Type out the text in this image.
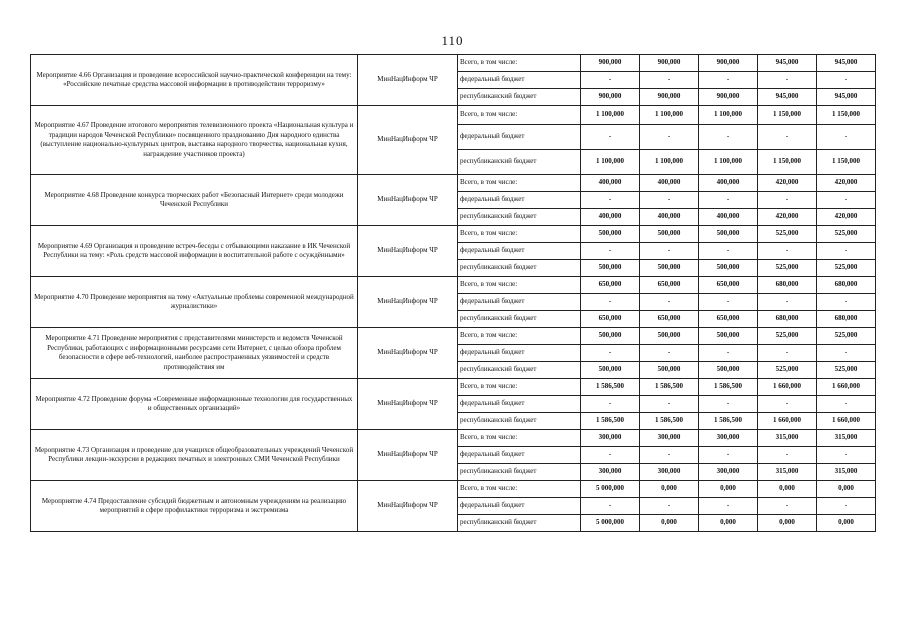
110
Мероприятие 4.66 Организация и проведение всероссийской научно-практической конференции на тему: «Российские печатные средства массовой информации в противодействии терроризму»	МинНацИнформ ЧР	Всего, в том числе:	900,000	900,000	900,000	945,000	945,000
		федеральный бюджет	-	-	-	-	-
		республиканский бюджет	900,000	900,000	900,000	945,000	945,000
Мероприятие 4.67 Проведение итогового мероприятия телевизионного проекта «Национальная культура и традиции народов Чеченской Республики» посвященного празднованию Дня народного единства (выступление национально-культурных центров, выставка народного творчества, национальная кухня, награждение участников проекта)	МинНацИнформ ЧР	Всего, в том числе:	1 100,000	1 100,000	1 100,000	1 150,000	1 150,000
		федеральный бюджет	-	-	-	-	-
		республиканский бюджет	1 100,000	1 100,000	1 100,000	1 150,000	1 150,000
Мероприятие 4.68 Проведение конкурса творческих работ «Безопасный Интернет» среди молодежи Чеченской Республики	МинНацИнформ ЧР	Всего, в том числе:	400,000	400,000	400,000	420,000	420,000
		федеральный бюджет	-	-	-	-	-
		республиканский бюджет	400,000	400,000	400,000	420,000	420,000
Мероприятие 4.69 Организация и проведение встреч-беседы с отбывающими наказание в ИК Чеченской Республики на тему: «Роль средств массовой информации в воспитательной работе с осуждёнными»	МинНацИнформ ЧР	Всего, в том числе:	500,000	500,000	500,000	525,000	525,000
		федеральный бюджет	-	-	-	-	-
		республиканский бюджет	500,000	500,000	500,000	525,000	525,000
Мероприятие 4.70 Проведение мероприятия на тему «Актуальные проблемы современной международной журналистики»	МинНацИнформ ЧР	Всего, в том числе:	650,000	650,000	650,000	680,000	680,000
		федеральный бюджет	-	-	-	-	-
		республиканский бюджет	650,000	650,000	650,000	680,000	680,000
Мероприятие 4.71 Проведение мероприятия с представителями министерств и ведомств Чеченской Республики, работающих с информационными ресурсами сети Интернет, с целью обзора проблем безопасности в сфере веб-технологий, наиболее распространенных уязвимостей и средств противодействия им	МинНацИнформ ЧР	Всего, в том числе:	500,000	500,000	500,000	525,000	525,000
		федеральный бюджет	-	-	-	-	-
		республиканский бюджет	500,000	500,000	500,000	525,000	525,000
Мероприятие 4.72 Проведение форума «Современные информационные технологии для государственных и общественных организаций»	МинНацИнформ ЧР	Всего, в том числе:	1 586,500	1 586,500	1 586,500	1 660,000	1 660,000
		федеральный бюджет	-	-	-	-	-
		республиканский бюджет	1 586,500	1 586,500	1 586,500	1 660,000	1 660,000
Мероприятие 4.73 Организация и проведение для учащихся общеобразовательных учреждений Чеченской Республики лекции-экскурсии в редакциях печатных и электронных СМИ Чеченской Республики	МинНацИнформ ЧР	Всего, в том числе:	300,000	300,000	300,000	315,000	315,000
		федеральный бюджет	-	-	-	-	-
		республиканский бюджет	300,000	300,000	300,000	315,000	315,000
Мероприятие 4.74 Предоставление субсидий бюджетным и автономным учреждениям на реализацию мероприятий в сфере профилактики терроризма и экстремизма	МинНацИнформ ЧР	Всего, в том числе:	5 000,000	0,000	0,000	0,000	0,000
		федеральный бюджет	-	-	-	-	-
		республиканский бюджет	5 000,000	0,000	0,000	0,000	0,000
